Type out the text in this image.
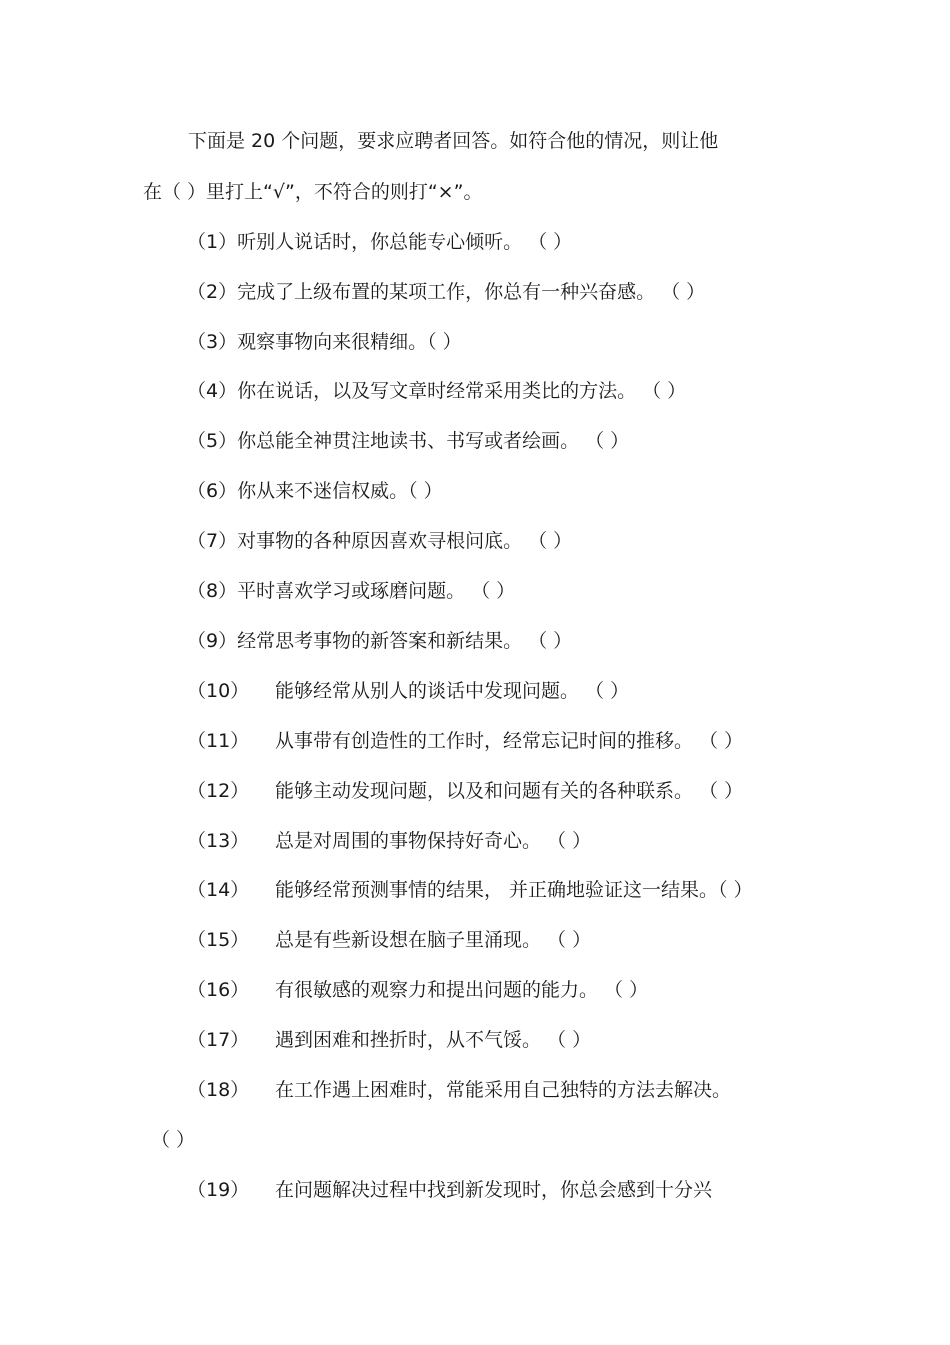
下面是 20 个问题，要求应聘者回答。如符合他的情况，则让他
在（ ）里打上“√”，不符合的则打“×”。
（1）听别人说话时，你总能专心倾听。 （ ）
（2）完成了上级布置的某项工作，你总有一种兴奋感。 （ ）
（3）观察事物向来很精细。（ ）
（4）你在说话，以及写文章时经常采用类比的方法。 （ ）
（5）你总能全神贯注地读书、书写或者绘画。 （ ）
（6）你从来不迷信权威。（ ）
（7）对事物的各种原因喜欢寻根问底。 （ ）
（8）平时喜欢学习或琢磨问题。 （ ）
（9）经常思考事物的新答案和新结果。 （ ）
（10） 能够经常从别人的谈话中发现问题。 （ ）
（11） 从事带有创造性的工作时，经常忘记时间的推移。 （ ）
（12） 能够主动发现问题，以及和问题有关的各种联系。 （ ）
（13） 总是对周围的事物保持好奇心。 （ ）
（14） 能够经常预测事情的结果， 并正确地验证这一结果。（ ）
（15） 总是有些新设想在脑子里涌现。 （ ）
（16） 有很敏感的观察力和提出问题的能力。 （ ）
（17） 遇到困难和挫折时，从不气馁。 （ ）
（18） 在工作遇上困难时，常能采用自己独特的方法去解决。
（ ）
（19） 在问题解决过程中找到新发现时，你总会感到十分兴
